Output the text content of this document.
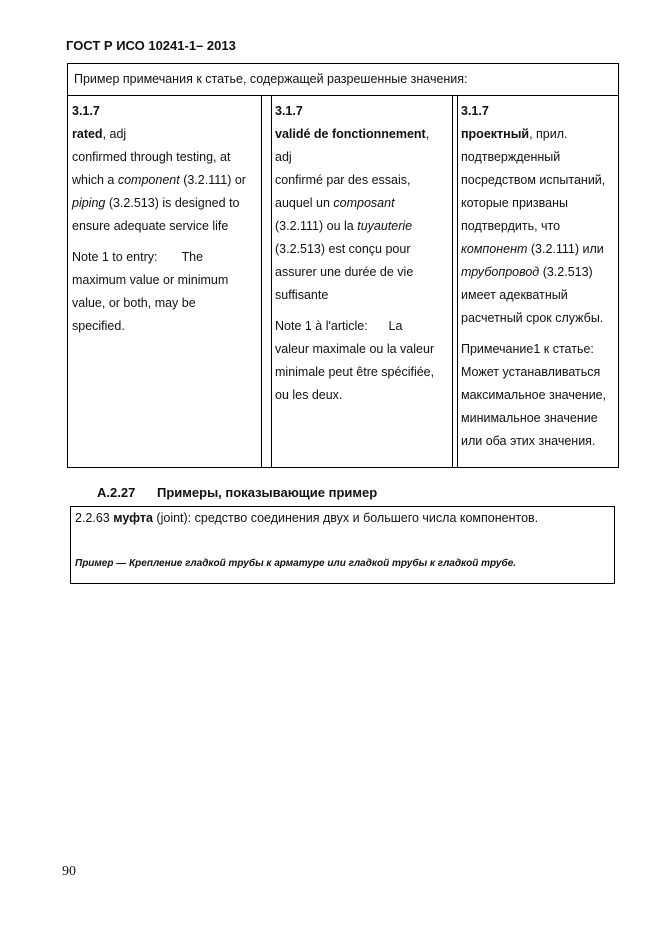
ГОСТ Р ИСО 10241-1– 2013
Пример примечания к статье, содержащей разрешенные значения:

3.1.7

rated, adj

confirmed through testing, at

which a component (3.2.111) or

piping (3.2.513) is designed to

ensure adequate service life

Note 1 to entry:       The

maximum value or minimum

value, or both, may be

specified.

3.1.7

validé de fonctionnement,

adj

confirmé par des essais,

auquel un composant

(3.2.111) ou la tuyauterie

(3.2.513) est conçu pour

assurer une durée de vie

suffisante

Note 1 à l'article:      La

valeur maximale ou la valeur

minimale peut être spécifiée,

ou les deux.

3.1.7

проектный, прил.

подтвержденный

посредством испытаний,

которые призваны

подтвердить, что

компонент (3.2.111) или

трубопровод (3.2.513)

имеет адекватный

расчетный срок службы.

Примечание1 к статье:

Может устанавливаться

максимальное значение,

минимальное значение

или оба этих значения.

А.2.27 Примеры, показывающие пример
2.2.63 муфта (joint): средство соединения двух и большего числа компонентов.
Пример — Крепление гладкой трубы к арматуре или гладкой трубы к гладкой трубе.
90
